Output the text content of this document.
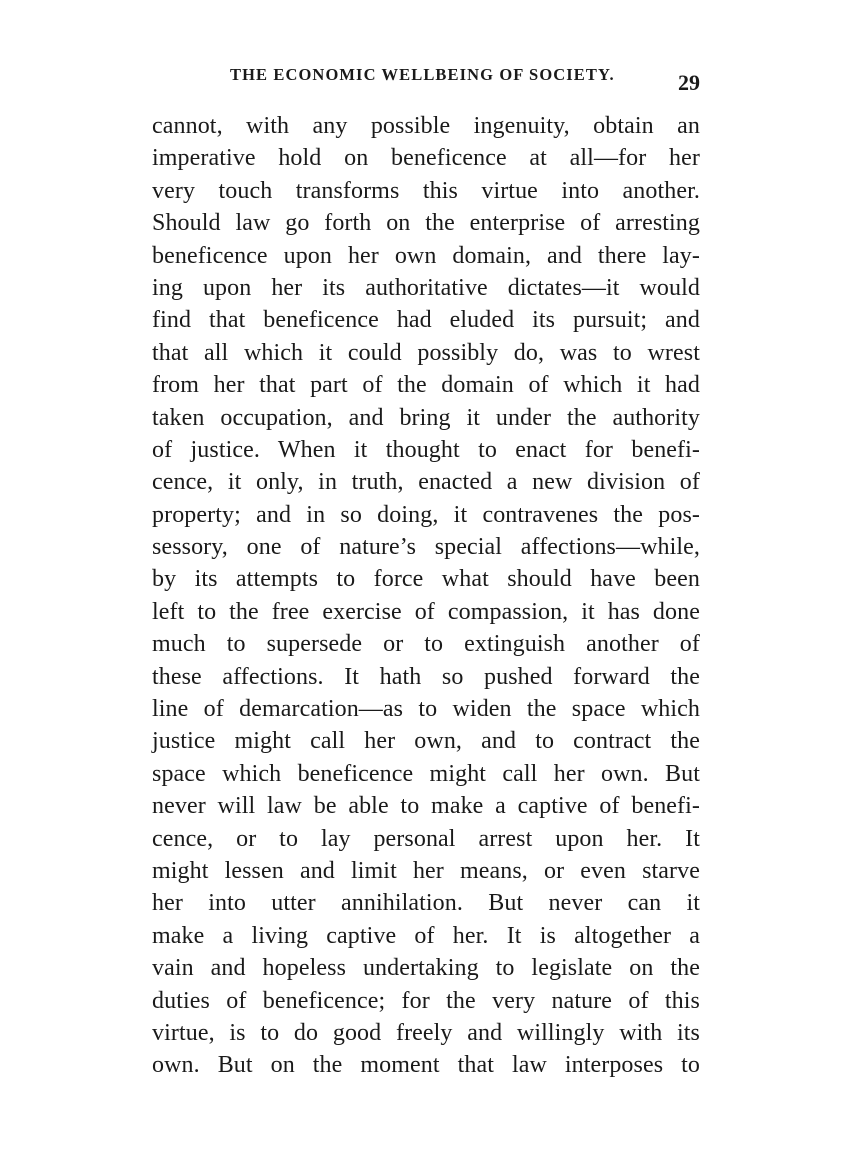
THE ECONOMIC WELLBEING OF SOCIETY.	29
cannot, with any possible ingenuity, obtain an
imperative hold on beneficence at all—for her
very touch transforms this virtue into another.
Should law go forth on the enterprise of arresting
beneficence upon her own domain, and there lay-
ing upon her its authoritative dictates—it would
find that beneficence had eluded its pursuit; and
that all which it could possibly do, was to wrest
from her that part of the domain of which it had
taken occupation, and bring it under the authority
of justice. When it thought to enact for benefi-
cence, it only, in truth, enacted a new division of
property; and in so doing, it contravenes the pos-
sessory, one of nature’s special affections—while,
by its attempts to force what should have been
left to the free exercise of compassion, it has done
much to supersede or to extinguish another of
these affections. It hath so pushed forward the
line of demarcation—as to widen the space which
justice might call her own, and to contract the
space which beneficence might call her own. But
never will law be able to make a captive of benefi-
cence, or to lay personal arrest upon her. It
might lessen and limit her means, or even starve
her into utter annihilation. But never can it
make a living captive of her. It is altogether a
vain and hopeless undertaking to legislate on the
duties of beneficence; for the very nature of this
virtue, is to do good freely and willingly with its
own. But on the moment that law interposes to
